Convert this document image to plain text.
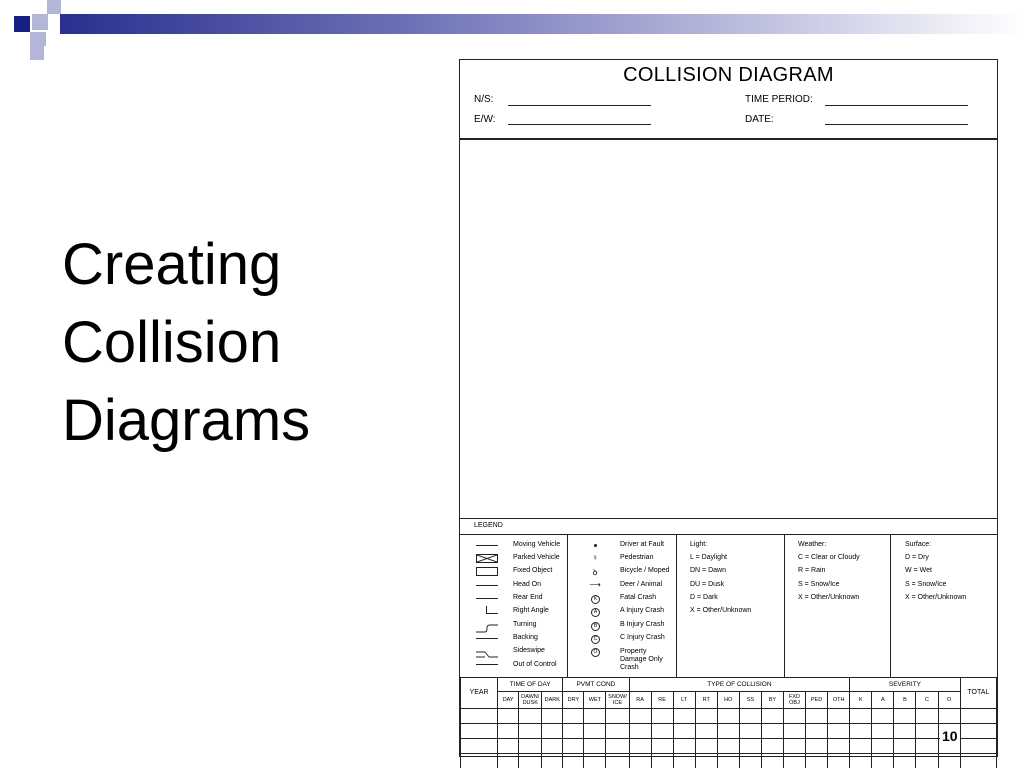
Creating
Collision
Diagrams
COLLISION DIAGRAM
N/S:
E/W:
TIME PERIOD:
DATE:
LEGEND
Moving Vehicle
Parked Vehicle
Fixed Object
Head On
Rear End
Right Angle
Turning
Backing
Sideswipe
Out of Control
♀
ꝺ
⟶
K
A
B
C
O
Driver at Fault
Pedestrian
Bicycle / Moped
Deer / Animal
Fatal Crash
A Injury Crash
B Injury Crash
C Injury Crash
Property Damage Only Crash
Light:
L = Daylight
DN = Dawn
DU = Dusk
D = Dark
X = Other/Unknown
Weather:
C = Clear or Cloudy
R = Rain
S = Snow/Ice
X = Other/Unknown
Surface:
D = Dry
W = Wet
S = Snow/Ice
X = Other/Unknown
YEAR	TIME OF DAY			PVMT COND			TYPE OF COLLISION										SEVERITY					TOTAL
	DAY	DAWN/ DUSK	DARK	DRY	WET	SNOW/ ICE	RA	RE	LT	RT	HO	SS	BY	FXD OBJ	PED	OTH	K	A	B	C	O	

10
